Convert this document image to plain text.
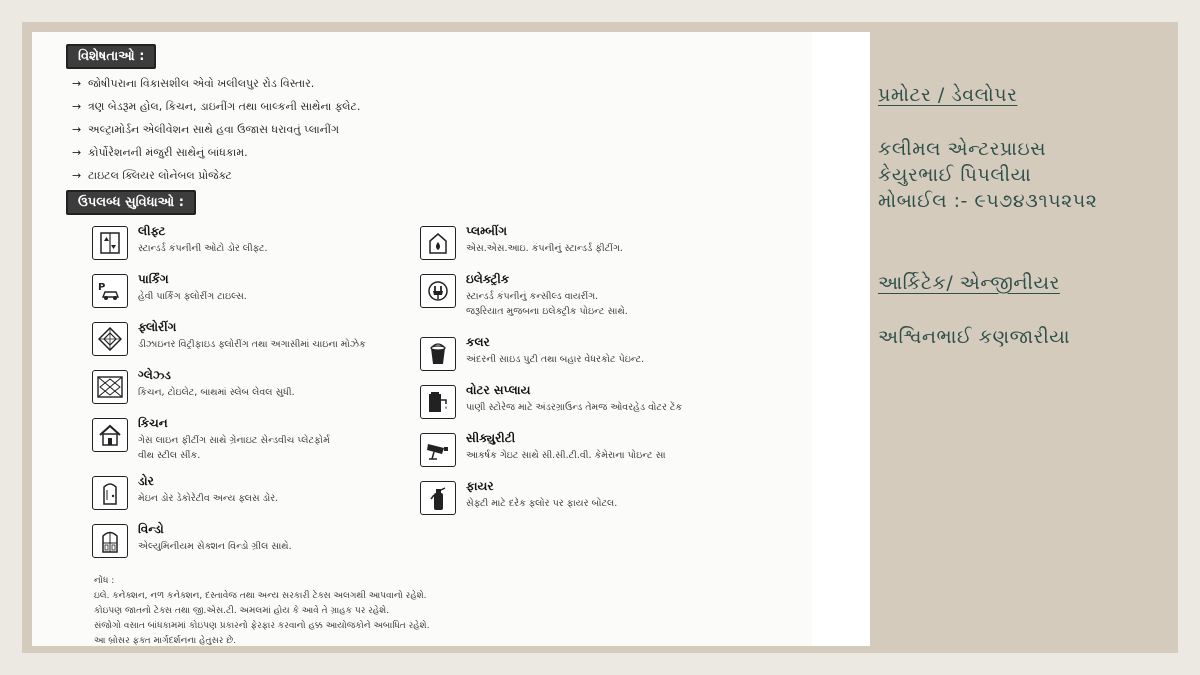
વિશેષતાઓ :
→ જોષીપરાના વિકાસશીલ એવો ખલીલપુર રોડ વિસ્તાર.
→ ત્રણ બેડરૂમ હોલ, કિચન, ડાઇનીંગ તથા બાલ્કની સાથેના ફ્લેટ.
→ અલ્ટ્રામોર્ડન એલીવેશન સાથે હવા ઉજાસ ધરાવતું પ્લાનીંગ
→ કોર્પોરેશનની મંજુરી સાથેનું બાંધકામ.
→ ટાઇટલ ક્લિયર લોનેબલ પ્રોજેક્ટ
ઉપલબ્ધ સુવિધાઓ :
લીફ્ટ
સ્ટાન્ડર્ડ કંપનીની ઓટો ડોર લીફ્ટ.
P
પાર્કિંગ
હેવી પાર્કિંગ ફ્લોરીંગ ટાઇલ્સ.
ફ્લોરીંગ
ડીઝાઇનર વિટ્રીફાઇડ ફ્લોરીંગ તથા અગાસીમાં ચાઇના મોઝેક
ગ્લેઝ્ડ
કિચન, ટોઇલેટ, બાથમાં સ્લેબ લેવલ સુધી.
કિચન
ગેસ લાઇન ફીટીંગ સાથે ગ્રેનાઇટ સેન્ડવીચ પ્લેટફોર્મ
વીથ સ્ટીલ સીંક.
ડોર
મેઇન ડોર ડેકોરેટીવ અન્ય ફ્લસ ડોર.
વિન્ડો
એલ્યુમિનીયમ સેક્શન વિન્ડો ગ્રીલ સાથે.
પ્લમ્બીંગ
એસ.એસ.આઇ. કંપનીનું સ્ટાન્ડર્ડ ફીટીંગ.
ઇલેક્ટ્રીક
સ્ટાન્ડર્ડ કંપનીનું કન્સીલ્ડ વાયરીંગ.
જરૂરિયાત મુજબના ઇલેક્ટ્રીક પોઇન્ટ સાથે.
કલર
અંદરની સાઇડ પુટી તથા બહાર વેધરકોટ પેઇન્ટ.
વોટર સપ્લાય
પાણી સ્ટોરેજ માટે અંડરગ્રાઉન્ડ તેમજ ઓવરહેડ વોટર ટેંક
સીક્યુરીટી
આકર્ષક ગેઇટ સાથે સી.સી.ટી.વી. કેમેરાના પોઇન્ટ સા
ફાયર
સેફ્ટી માટે દરેક ફ્લોર પર ફાયર બોટલ.
નોંધ :
ઇલે. કનેક્શન, નળ કનેક્શન, દસ્તાવેજ તથા અન્ય સરકારી ટેક્સ અલગથી આપવાનો રહેશે.
કોઇપણ જાતનો ટેક્સ તથા જી.એસ.ટી. અમલમાં હોય કે આવે તે ગ્રાહક પર રહેશે.
સંજોગો વસાત બાંધકામમાં કોઇપણ પ્રકારનો ફેરફાર કરવાનો હક્ક આયોજકોને અબાધિત રહેશે.
આ બ્રોસર ફક્ત માર્ગદર્શનના હેતુસર છે.
પ્રમોટર / ડેવલોપર
કલીમલ એન્ટરપ્રાઇસ
કેયુરભાઈ પિપલીયા
મોબાઈલ :- ૯૫૭૪૩૧૫૨૫૨
આર્કિટેક/ એન્જીનીયર
અશ્વિનભાઈ કણજારીયા
